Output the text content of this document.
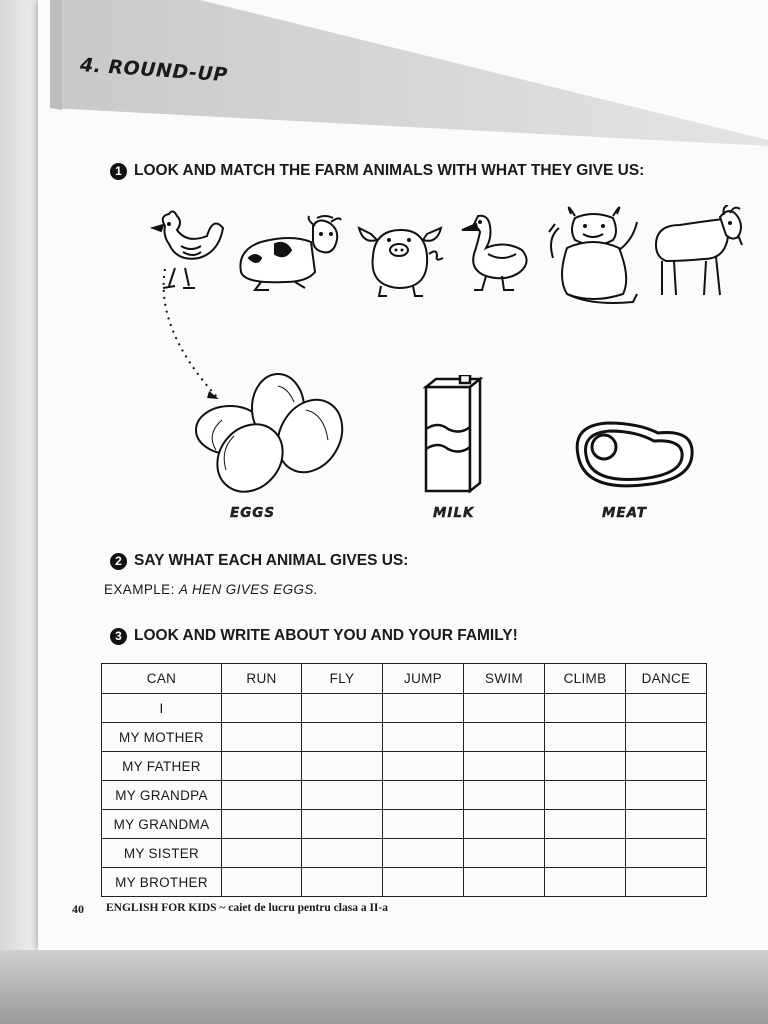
4. ROUND-UP
1 LOOK AND MATCH THE FARM ANIMALS WITH WHAT THEY GIVE US:
EGGS	MILK	MEAT
2 SAY WHAT EACH ANIMAL GIVES US:
EXAMPLE: A HEN GIVES EGGS.
3 LOOK AND WRITE ABOUT YOU AND YOUR FAMILY!
CAN	RUN	FLY	JUMP	SWIM	CLIMB	DANCE
I						
MY MOTHER						
MY FATHER						
MY GRANDPA						
MY GRANDMA						
MY SISTER						
MY BROTHER						
40 ENGLISH FOR KIDS ~ caiet de lucru pentru clasa a II-a
